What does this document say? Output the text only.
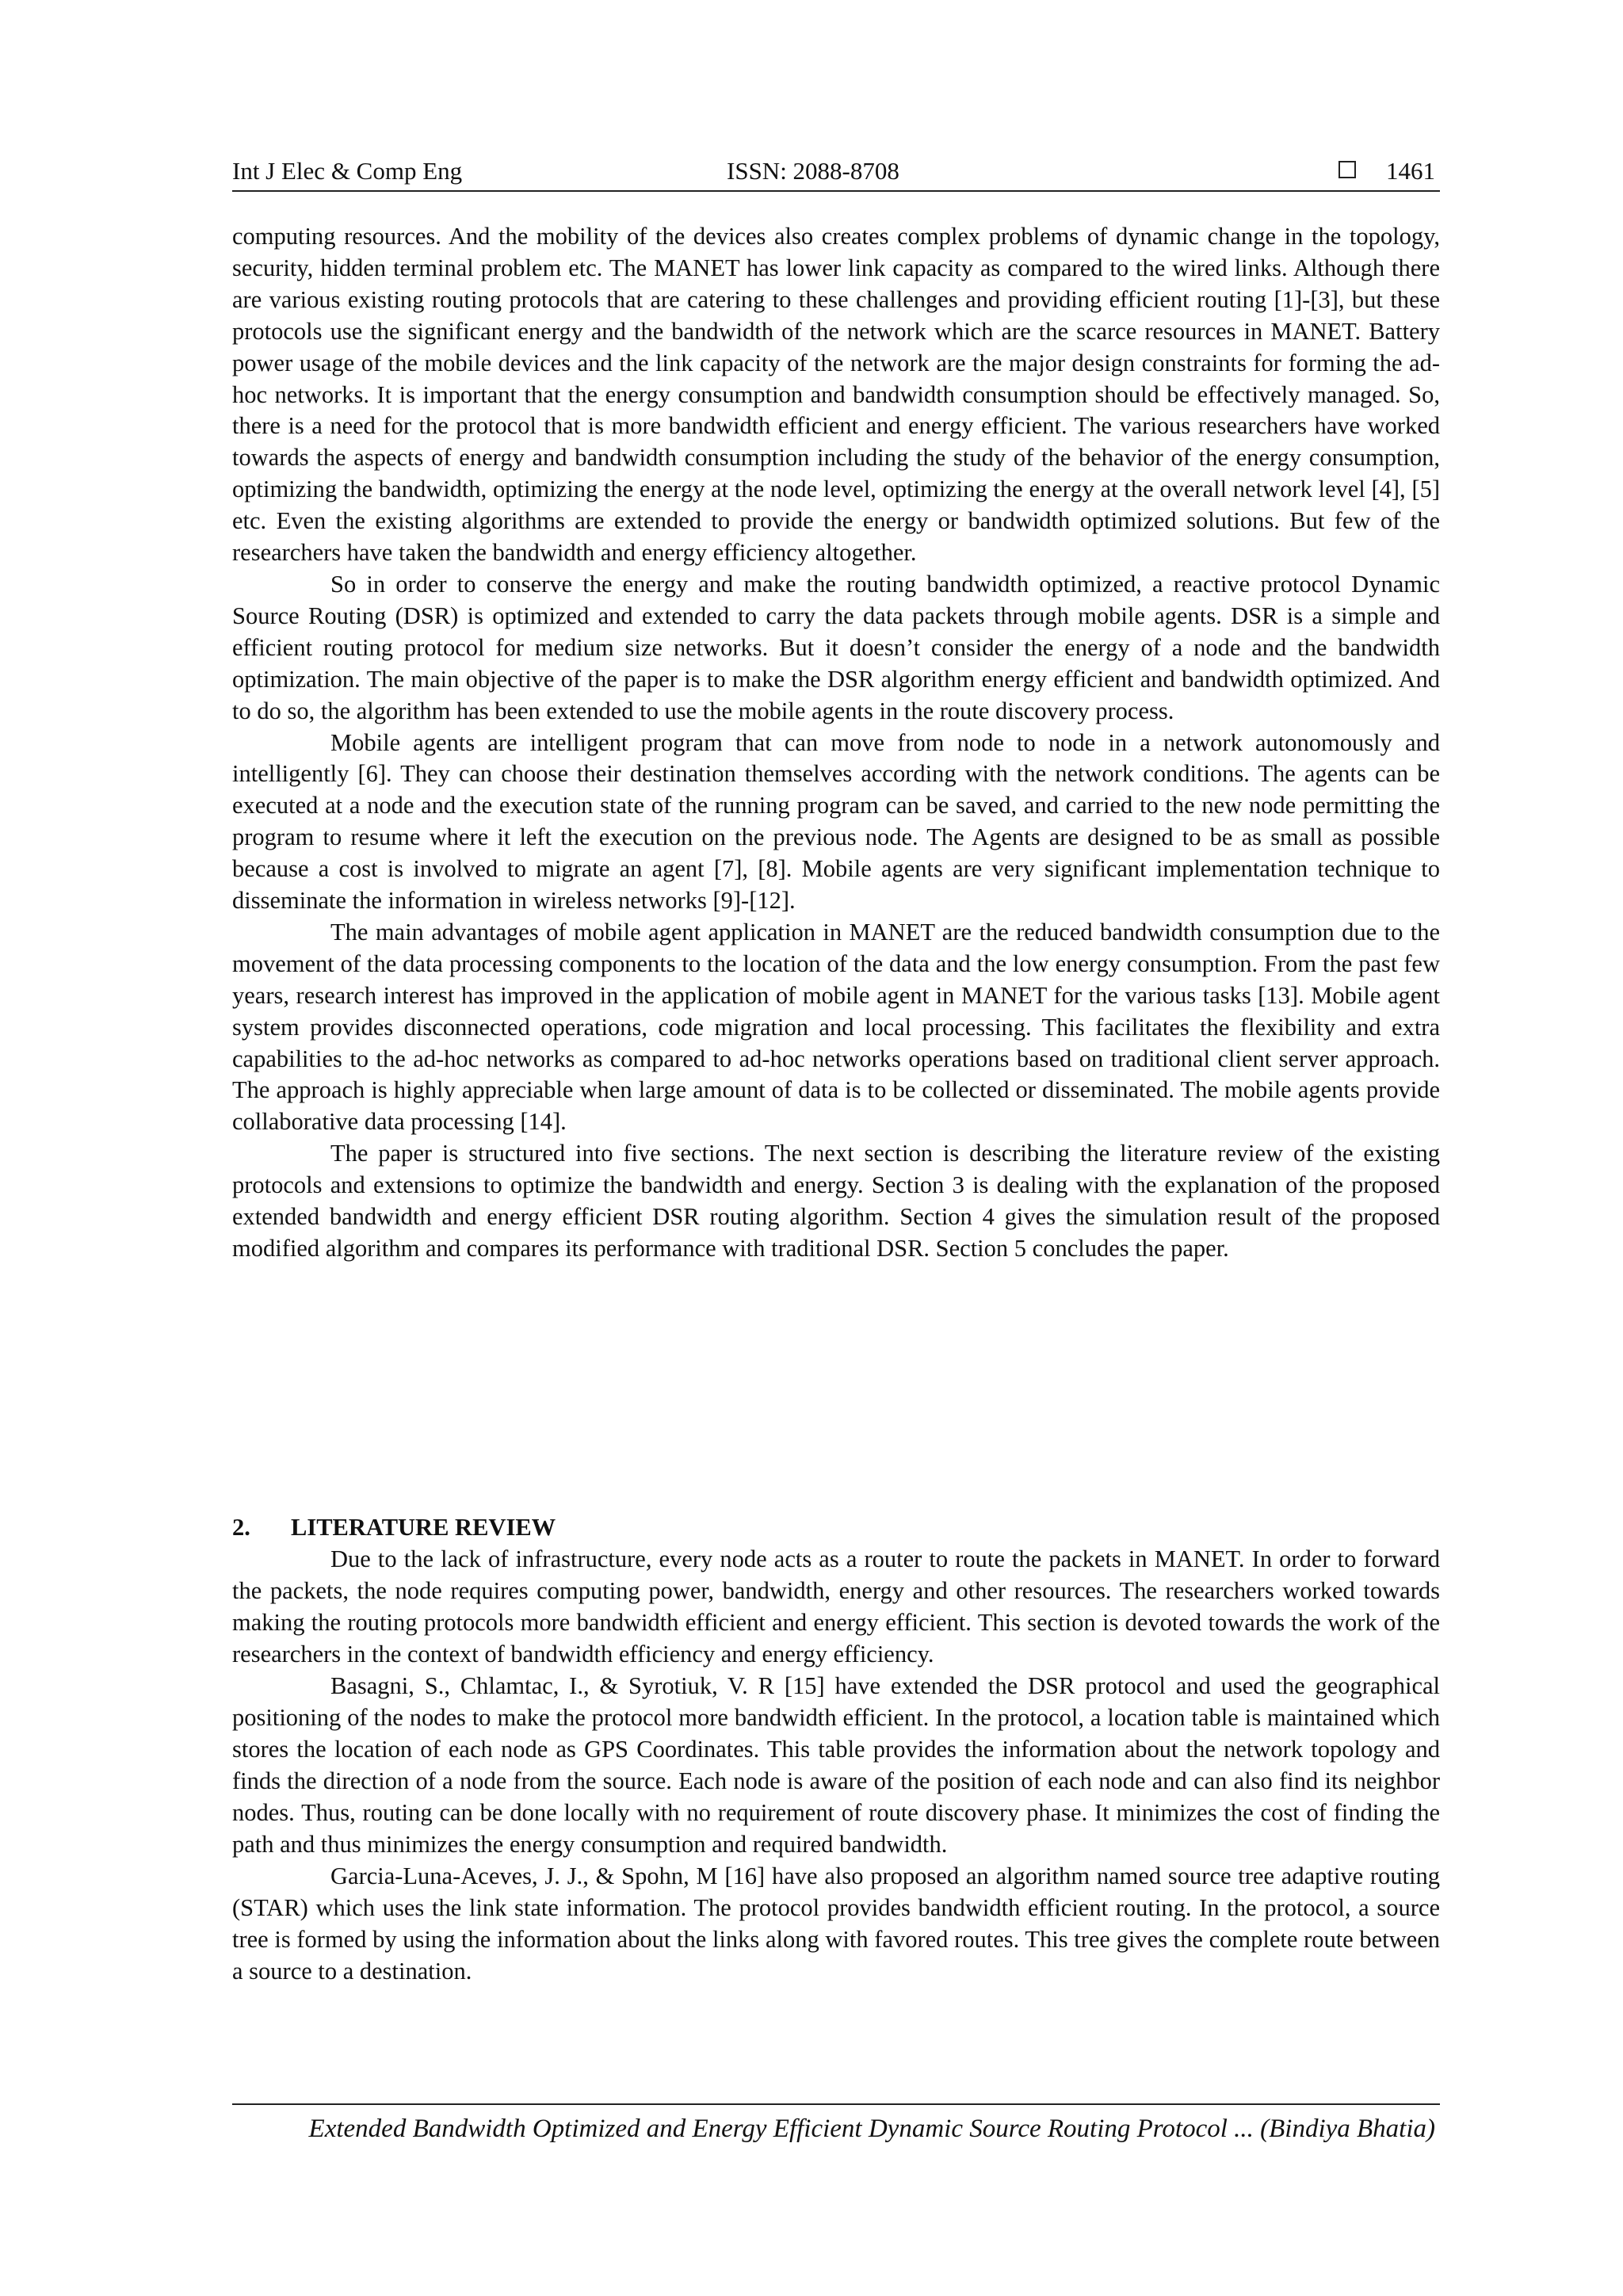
Int J Elec & Comp Eng	ISSN: 2088-8708	1461

computing resources. And the mobility of the devices also creates complex problems of dynamic change in the topology, security, hidden terminal problem etc. The MANET has lower link capacity as compared to the wired links. Although there are various existing routing protocols that are catering to these challenges and providing efficient routing [1]-[3], but these protocols use the significant energy and the bandwidth of the network which are the scarce resources in MANET. Battery power usage of the mobile devices and the link capacity of the network are the major design constraints for forming the ad-hoc networks. It is important that the energy consumption and bandwidth consumption should be effectively managed. So, there is a need for the protocol that is more bandwidth efficient and energy efficient. The various researchers have worked towards the aspects of energy and bandwidth consumption including the study of the behavior of the energy consumption, optimizing the bandwidth, optimizing the energy at the node level, optimizing the energy at the overall network level [4], [5] etc. Even the existing algorithms are extended to provide the energy or bandwidth optimized solutions. But few of the researchers have taken the bandwidth and energy efficiency altogether.

So in order to conserve the energy and make the routing bandwidth optimized, a reactive protocol Dynamic Source Routing (DSR) is optimized and extended to carry the data packets through mobile agents. DSR is a simple and efficient routing protocol for medium size networks. But it doesn’t consider the energy of a node and the bandwidth optimization. The main objective of the paper is to make the DSR algorithm energy efficient and bandwidth optimized. And to do so, the algorithm has been extended to use the mobile agents in the route discovery process.

Mobile agents are intelligent program that can move from node to node in a network autonomously and intelligently [6]. They can choose their destination themselves according with the network conditions. The agents can be executed at a node and the execution state of the running program can be saved, and carried to the new node permitting the program to resume where it left the execution on the previous node. The Agents are designed to be as small as possible because a cost is involved to migrate an agent [7], [8]. Mobile agents are very significant implementation technique to disseminate the information in wireless networks [9]-[12].

The main advantages of mobile agent application in MANET are the reduced bandwidth consumption due to the movement of the data processing components to the location of the data and the low energy consumption. From the past few years, research interest has improved in the application of mobile agent in MANET for the various tasks [13]. Mobile agent system provides disconnected operations, code migration and local processing. This facilitates the flexibility and extra capabilities to the ad-hoc networks as compared to ad-hoc networks operations based on traditional client server approach. The approach is highly appreciable when large amount of data is to be collected or disseminated. The mobile agents provide collaborative data processing [14].

The paper is structured into five sections. The next section is describing the literature review of the existing protocols and extensions to optimize the bandwidth and energy. Section 3 is dealing with the explanation of the proposed extended bandwidth and energy efficient DSR routing algorithm. Section 4 gives the simulation result of the proposed modified algorithm and compares its performance with traditional DSR. Section 5 concludes the paper.

2. LITERATURE REVIEW

Due to the lack of infrastructure, every node acts as a router to route the packets in MANET. In order to forward the packets, the node requires computing power, bandwidth, energy and other resources. The researchers worked towards making the routing protocols more bandwidth efficient and energy efficient. This section is devoted towards the work of the researchers in the context of bandwidth efficiency and energy efficiency.

Basagni, S., Chlamtac, I., & Syrotiuk, V. R [15] have extended the DSR protocol and used the geographical positioning of the nodes to make the protocol more bandwidth efficient. In the protocol, a location table is maintained which stores the location of each node as GPS Coordinates. This table provides the information about the network topology and finds the direction of a node from the source. Each node is aware of the position of each node and can also find its neighbor nodes. Thus, routing can be done locally with no requirement of route discovery phase. It minimizes the cost of finding the path and thus minimizes the energy consumption and required bandwidth.

Garcia-Luna-Aceves, J. J., & Spohn, M [16] have also proposed an algorithm named source tree adaptive routing (STAR) which uses the link state information. The protocol provides bandwidth efficient routing. In the protocol, a source tree is formed by using the information about the links along with favored routes. This tree gives the complete route between a source to a destination.

Extended Bandwidth Optimized and Energy Efficient Dynamic Source Routing Protocol ... (Bindiya Bhatia)
